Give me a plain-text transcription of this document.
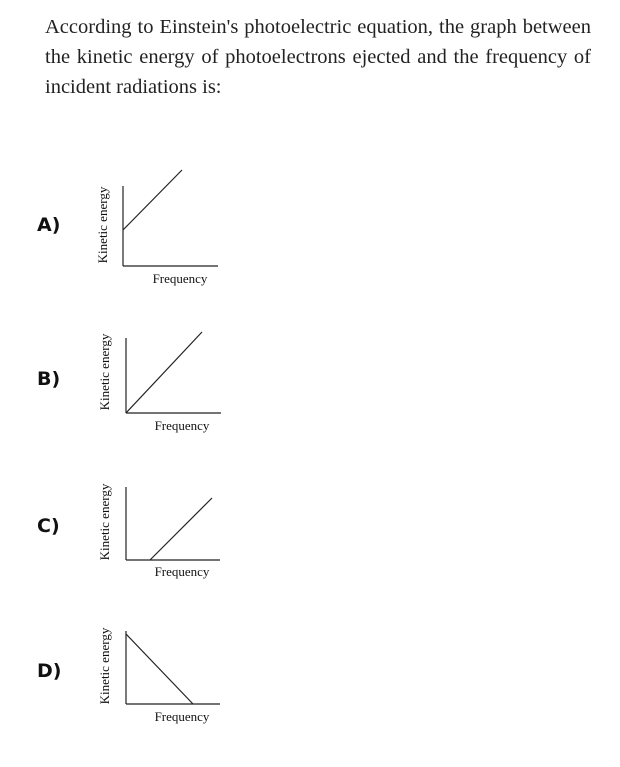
According to Einstein's photoelectric equation, the graph between the kinetic energy of photoelectrons ejected and the frequency of incident radiations is:
A)	Kinetic energy
Frequency
B)	Kinetic energy
Frequency
C)	Kinetic energy
Frequency
D)	Kinetic energy
Frequency
